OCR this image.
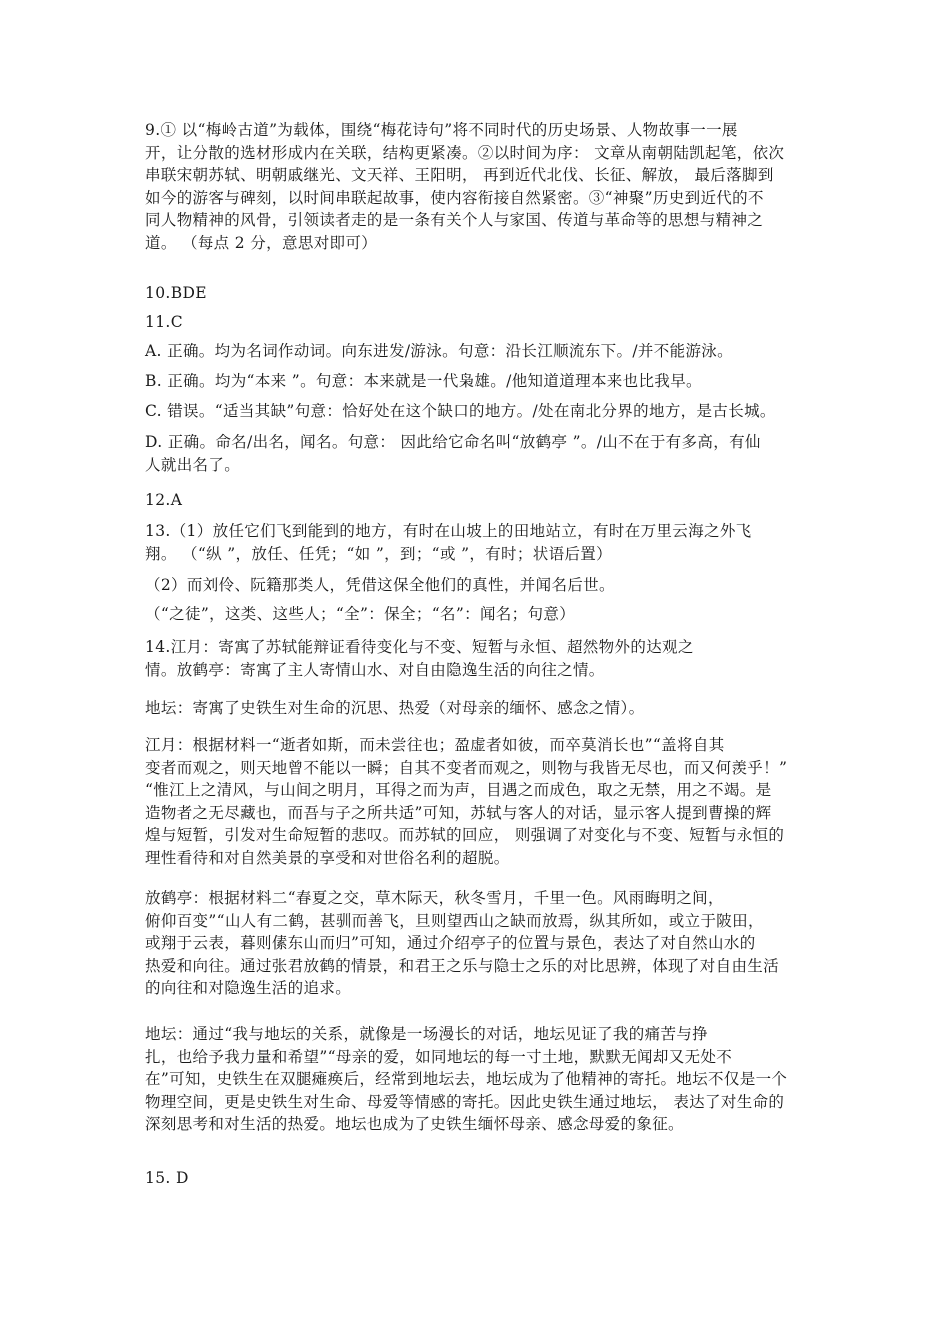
9.① 以“梅岭古道”为载体，围绕“梅花诗句”将不同时代的历史场景、人物故事一一展
开，让分散的选材形成内在关联，结构更紧凑。②以时间为序： 文章从南朝陆凯起笔，依次
串联宋朝苏轼、明朝戚继光、文天祥、王阳明， 再到近代北伐、长征、解放， 最后落脚到
如今的游客与碑刻，以时间串联起故事，使内容衔接自然紧密。③“神聚”历史到近代的不
同人物精神的风骨，引领读者走的是一条有关个人与家国、传道与革命等的思想与精神之
道。 （每点 2 分，意思对即可）
10.BDE
11.C
A. 正确。均为名词作动词。向东进发/游泳。句意：沿长江顺流东下。/并不能游泳。
B. 正确。均为“本来 ”。句意：本来就是一代枭雄。/他知道道理本来也比我早。
C. 错误。“适当其缺”句意：恰好处在这个缺口的地方。/处在南北分界的地方，是古长城。
D. 正确。命名/出名，闻名。句意： 因此给它命名叫“放鹤亭 ”。/山不在于有多高，有仙
人就出名了。
12.A
13.（1）放任它们飞到能到的地方，有时在山坡上的田地站立，有时在万里云海之外飞
翔。 （“纵 ”，放任、任凭；“如 ”，到；“或 ”，有时；状语后置）
（2）而刘伶、阮籍那类人，凭借这保全他们的真性，并闻名后世。
（“之徒”，这类、这些人；“全”：保全；“名”：闻名；句意）
14.江月：寄寓了苏轼能辩证看待变化与不变、短暂与永恒、超然物外的达观之
情。放鹤亭：寄寓了主人寄情山水、对自由隐逸生活的向往之情。
地坛：寄寓了史铁生对生命的沉思、热爱（对母亲的缅怀、感念之情）。
江月：根据材料一“逝者如斯，而未尝往也；盈虚者如彼，而卒莫消长也”“盖将自其
变者而观之，则天地曾不能以一瞬；自其不变者而观之，则物与我皆无尽也，而又何羡乎！”
“惟江上之清风，与山间之明月，耳得之而为声，目遇之而成色，取之无禁，用之不竭。是
造物者之无尽藏也，而吾与子之所共适”可知，苏轼与客人的对话，显示客人提到曹操的辉
煌与短暂，引发对生命短暂的悲叹。而苏轼的回应， 则强调了对变化与不变、短暂与永恒的
理性看待和对自然美景的享受和对世俗名利的超脱。
放鹤亭：根据材料二“春夏之交，草木际天，秋冬雪月，千里一色。风雨晦明之间，
俯仰百变”“山人有二鹤，甚驯而善飞，旦则望西山之缺而放焉，纵其所如，或立于陂田，
或翔于云表，暮则傃东山而归”可知，通过介绍亭子的位置与景色，表达了对自然山水的
热爱和向往。通过张君放鹤的情景，和君王之乐与隐士之乐的对比思辨，体现了对自由生活
的向往和对隐逸生活的追求。
地坛：通过“我与地坛的关系，就像是一场漫长的对话，地坛见证了我的痛苦与挣
扎，也给予我力量和希望”“母亲的爱，如同地坛的每一寸土地，默默无闻却又无处不
在”可知，史铁生在双腿瘫痪后，经常到地坛去，地坛成为了他精神的寄托。地坛不仅是一个
物理空间，更是史铁生对生命、母爱等情感的寄托。因此史铁生通过地坛， 表达了对生命的
深刻思考和对生活的热爱。地坛也成为了史铁生缅怀母亲、感念母爱的象征。
15. D
